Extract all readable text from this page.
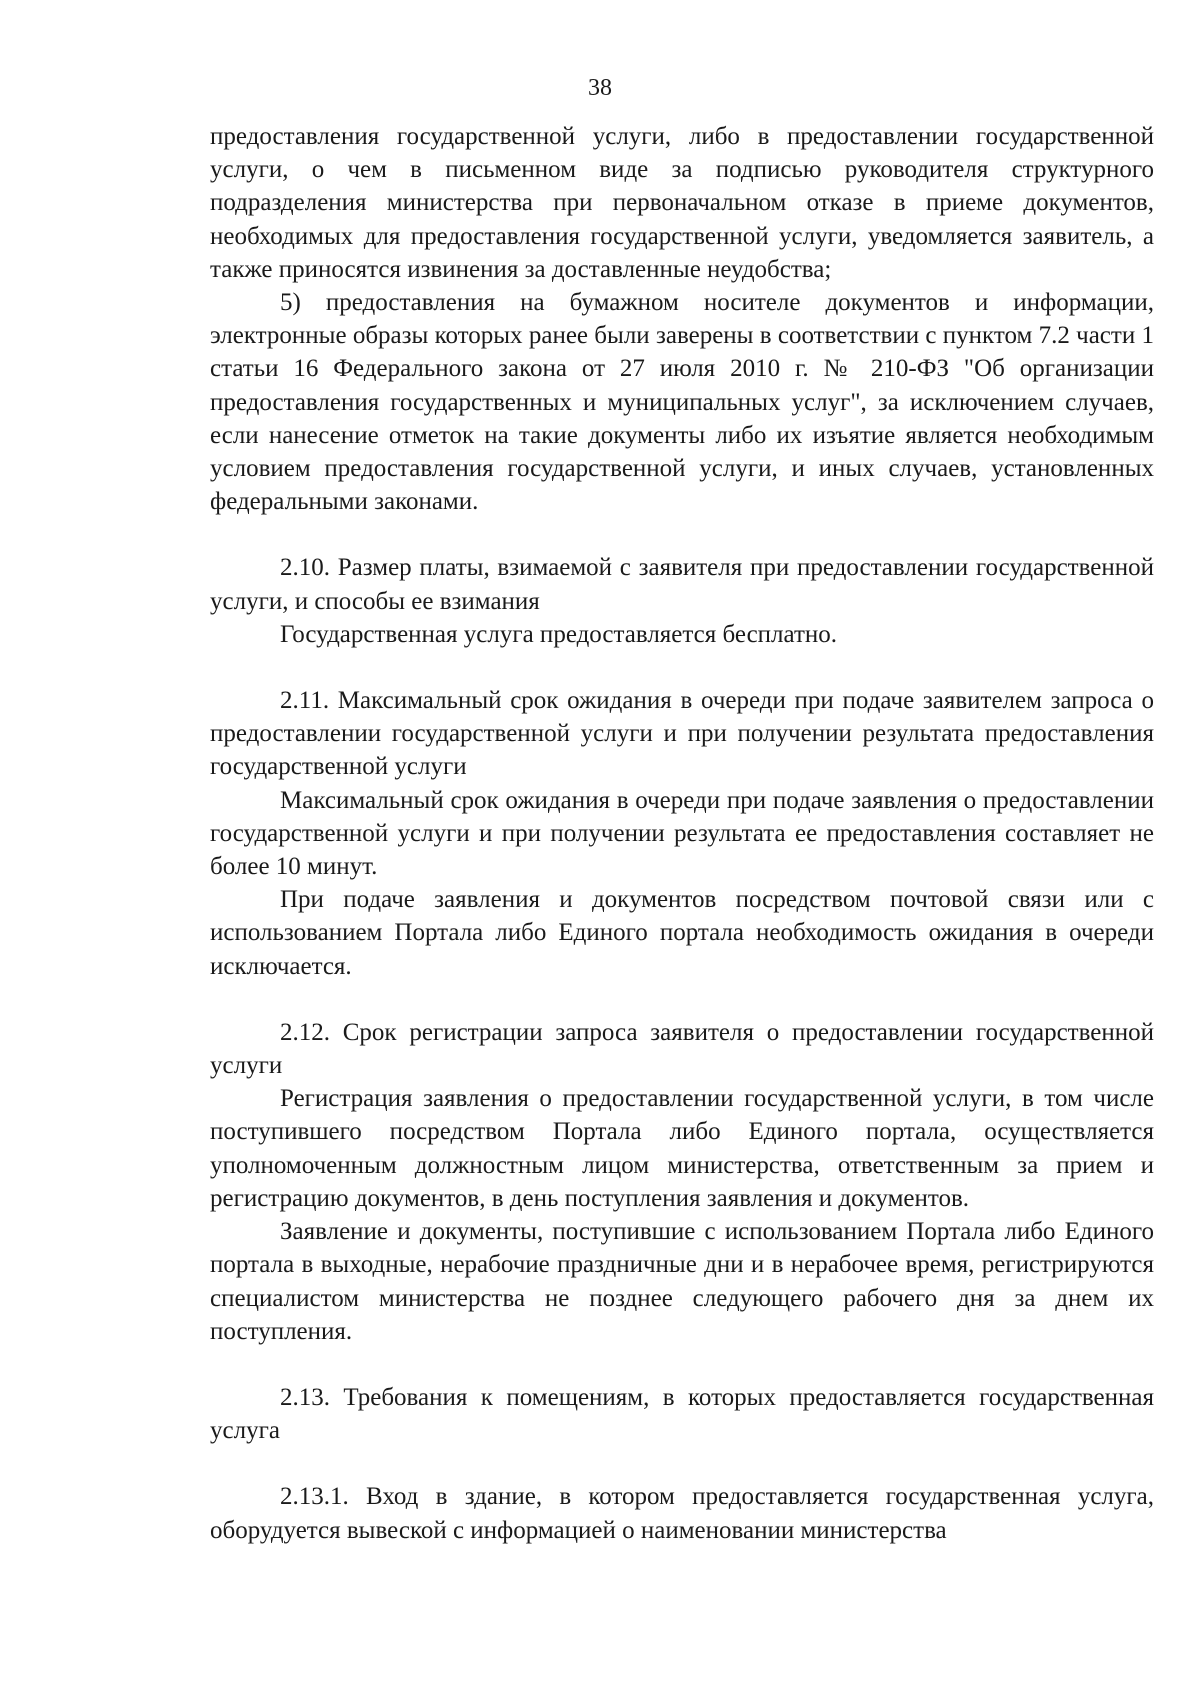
38

предоставления государственной услуги, либо в предоставлении государственной услуги, о чем в письменном виде за подписью руководителя структурного подразделения министерства при первоначальном отказе в приеме документов, необходимых для предоставления государственной услуги, уведомляется заявитель, а также приносятся извинения за доставленные неудобства;

5) предоставления на бумажном носителе документов и информации, электронные образы которых ранее были заверены в соответствии с пунктом 7.2 части 1 статьи 16 Федерального закона от 27 июля 2010 г. № 210-ФЗ "Об организации предоставления государственных и муниципальных услуг", за исключением случаев, если нанесение отметок на такие документы либо их изъятие является необходимым условием предоставления государственной услуги, и иных случаев, установленных федеральными законами.

2.10. Размер платы, взимаемой с заявителя при предоставлении государственной услуги, и способы ее взимания

Государственная услуга предоставляется бесплатно.

2.11. Максимальный срок ожидания в очереди при подаче заявителем запроса о предоставлении государственной услуги и при получении результата предоставления государственной услуги

Максимальный срок ожидания в очереди при подаче заявления о предоставлении государственной услуги и при получении результата ее предоставления составляет не более 10 минут.

При подаче заявления и документов посредством почтовой связи или с использованием Портала либо Единого портала необходимость ожидания в очереди исключается.

2.12. Срок регистрации запроса заявителя о предоставлении государственной услуги

Регистрация заявления о предоставлении государственной услуги, в том числе поступившего посредством Портала либо Единого портала, осуществляется уполномоченным должностным лицом министерства, ответственным за прием и регистрацию документов, в день поступления заявления и документов.

Заявление и документы, поступившие с использованием Портала либо Единого портала в выходные, нерабочие праздничные дни и в нерабочее время, регистрируются специалистом министерства не позднее следующего рабочего дня за днем их поступления.

2.13. Требования к помещениям, в которых предоставляется государственная услуга

2.13.1. Вход в здание, в котором предоставляется государственная услуга, оборудуется вывеской с информацией о наименовании министерства
